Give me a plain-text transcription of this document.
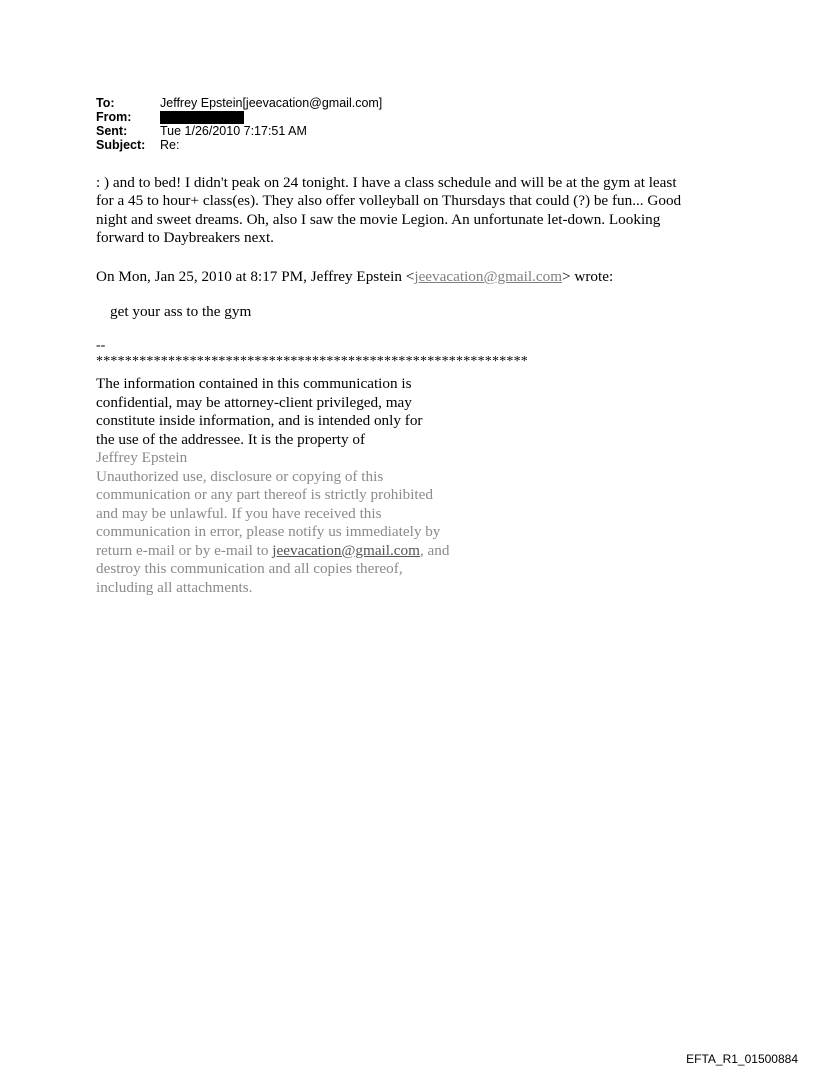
To:	Jeffrey Epstein[jeevacation@gmail.com]
From:
Sent:	Tue 1/26/2010 7:17:51 AM
Subject:	Re:
: ) and to bed! I didn't peak on 24 tonight. I have a class schedule and will be at the gym at least
for a 45 to hour+ class(es). They also offer volleyball on Thursdays that could (?) be fun... Good
night and sweet dreams. Oh, also I saw the movie Legion. An unfortunate let-down. Looking
forward to Daybreakers next.
On Mon, Jan 25, 2010 at 8:17 PM, Jeffrey Epstein <jeevacation@gmail.com> wrote:
get your ass to the gym
--
************************************************************
The information contained in this communication is
confidential, may be attorney-client privileged, may
constitute inside information, and is intended only for
the use of the addressee. It is the property of
Jeffrey Epstein
Unauthorized use, disclosure or copying of this
communication or any part thereof is strictly prohibited
and may be unlawful. If you have received this
communication in error, please notify us immediately by
return e-mail or by e-mail to jeevacation@gmail.com, and
destroy this communication and all copies thereof,
including all attachments.
EFTA_R1_01500884
